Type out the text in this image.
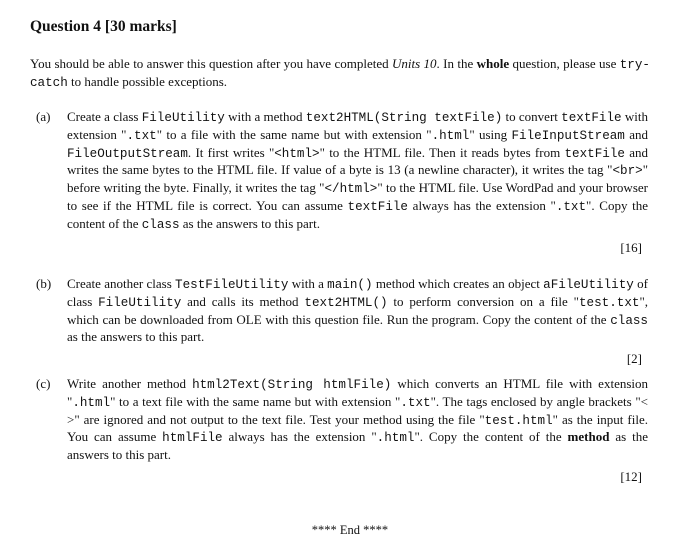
Question 4 [30 marks]
You should be able to answer this question after you have completed Units 10. In the whole question, please use try-catch to handle possible exceptions.
(a) Create a class FileUtility with a method text2HTML(String textFile) to convert textFile with extension ".txt" to a file with the same name but with extension ".html" using FileInputStream and FileOutputStream. It first writes "<html>" to the HTML file. Then it reads bytes from textFile and writes the same bytes to the HTML file. If value of a byte is 13 (a newline character), it writes the tag "<br>" before writing the byte. Finally, it writes the tag "</html>" to the HTML file. Use WordPad and your browser to see if the HTML file is correct. You can assume textFile always has the extension ".txt". Copy the content of the class as the answers to this part.
[16]
(b) Create another class TestFileUtility with a main() method which creates an object aFileUtility of class FileUtility and calls its method text2HTML() to perform conversion on a file "test.txt", which can be downloaded from OLE with this question file. Run the program. Copy the content of the class as the answers to this part.
[2]
(c) Write another method html2Text(String htmlFile) which converts an HTML file with extension ".html" to a text file with the same name but with extension ".txt". The tags enclosed by angle brackets "< >" are ignored and not output to the text file. Test your method using the file "test.html" as the input file. You can assume htmlFile always has the extension ".html". Copy the content of the method as the answers to this part.
[12]
**** End ****
